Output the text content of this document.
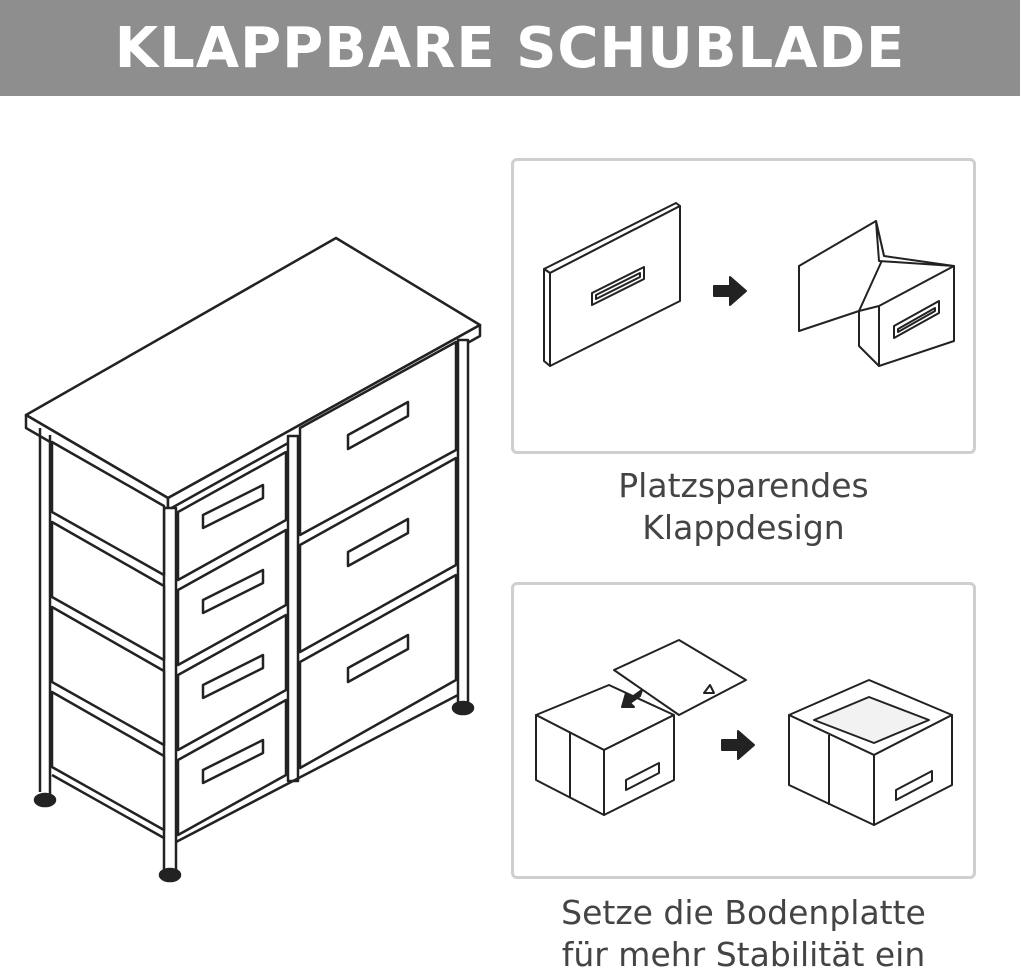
KLAPPBARE SCHUBLADE
Platzsparendes
Klappdesign
Setze die Bodenplatte
für mehr Stabilität ein
